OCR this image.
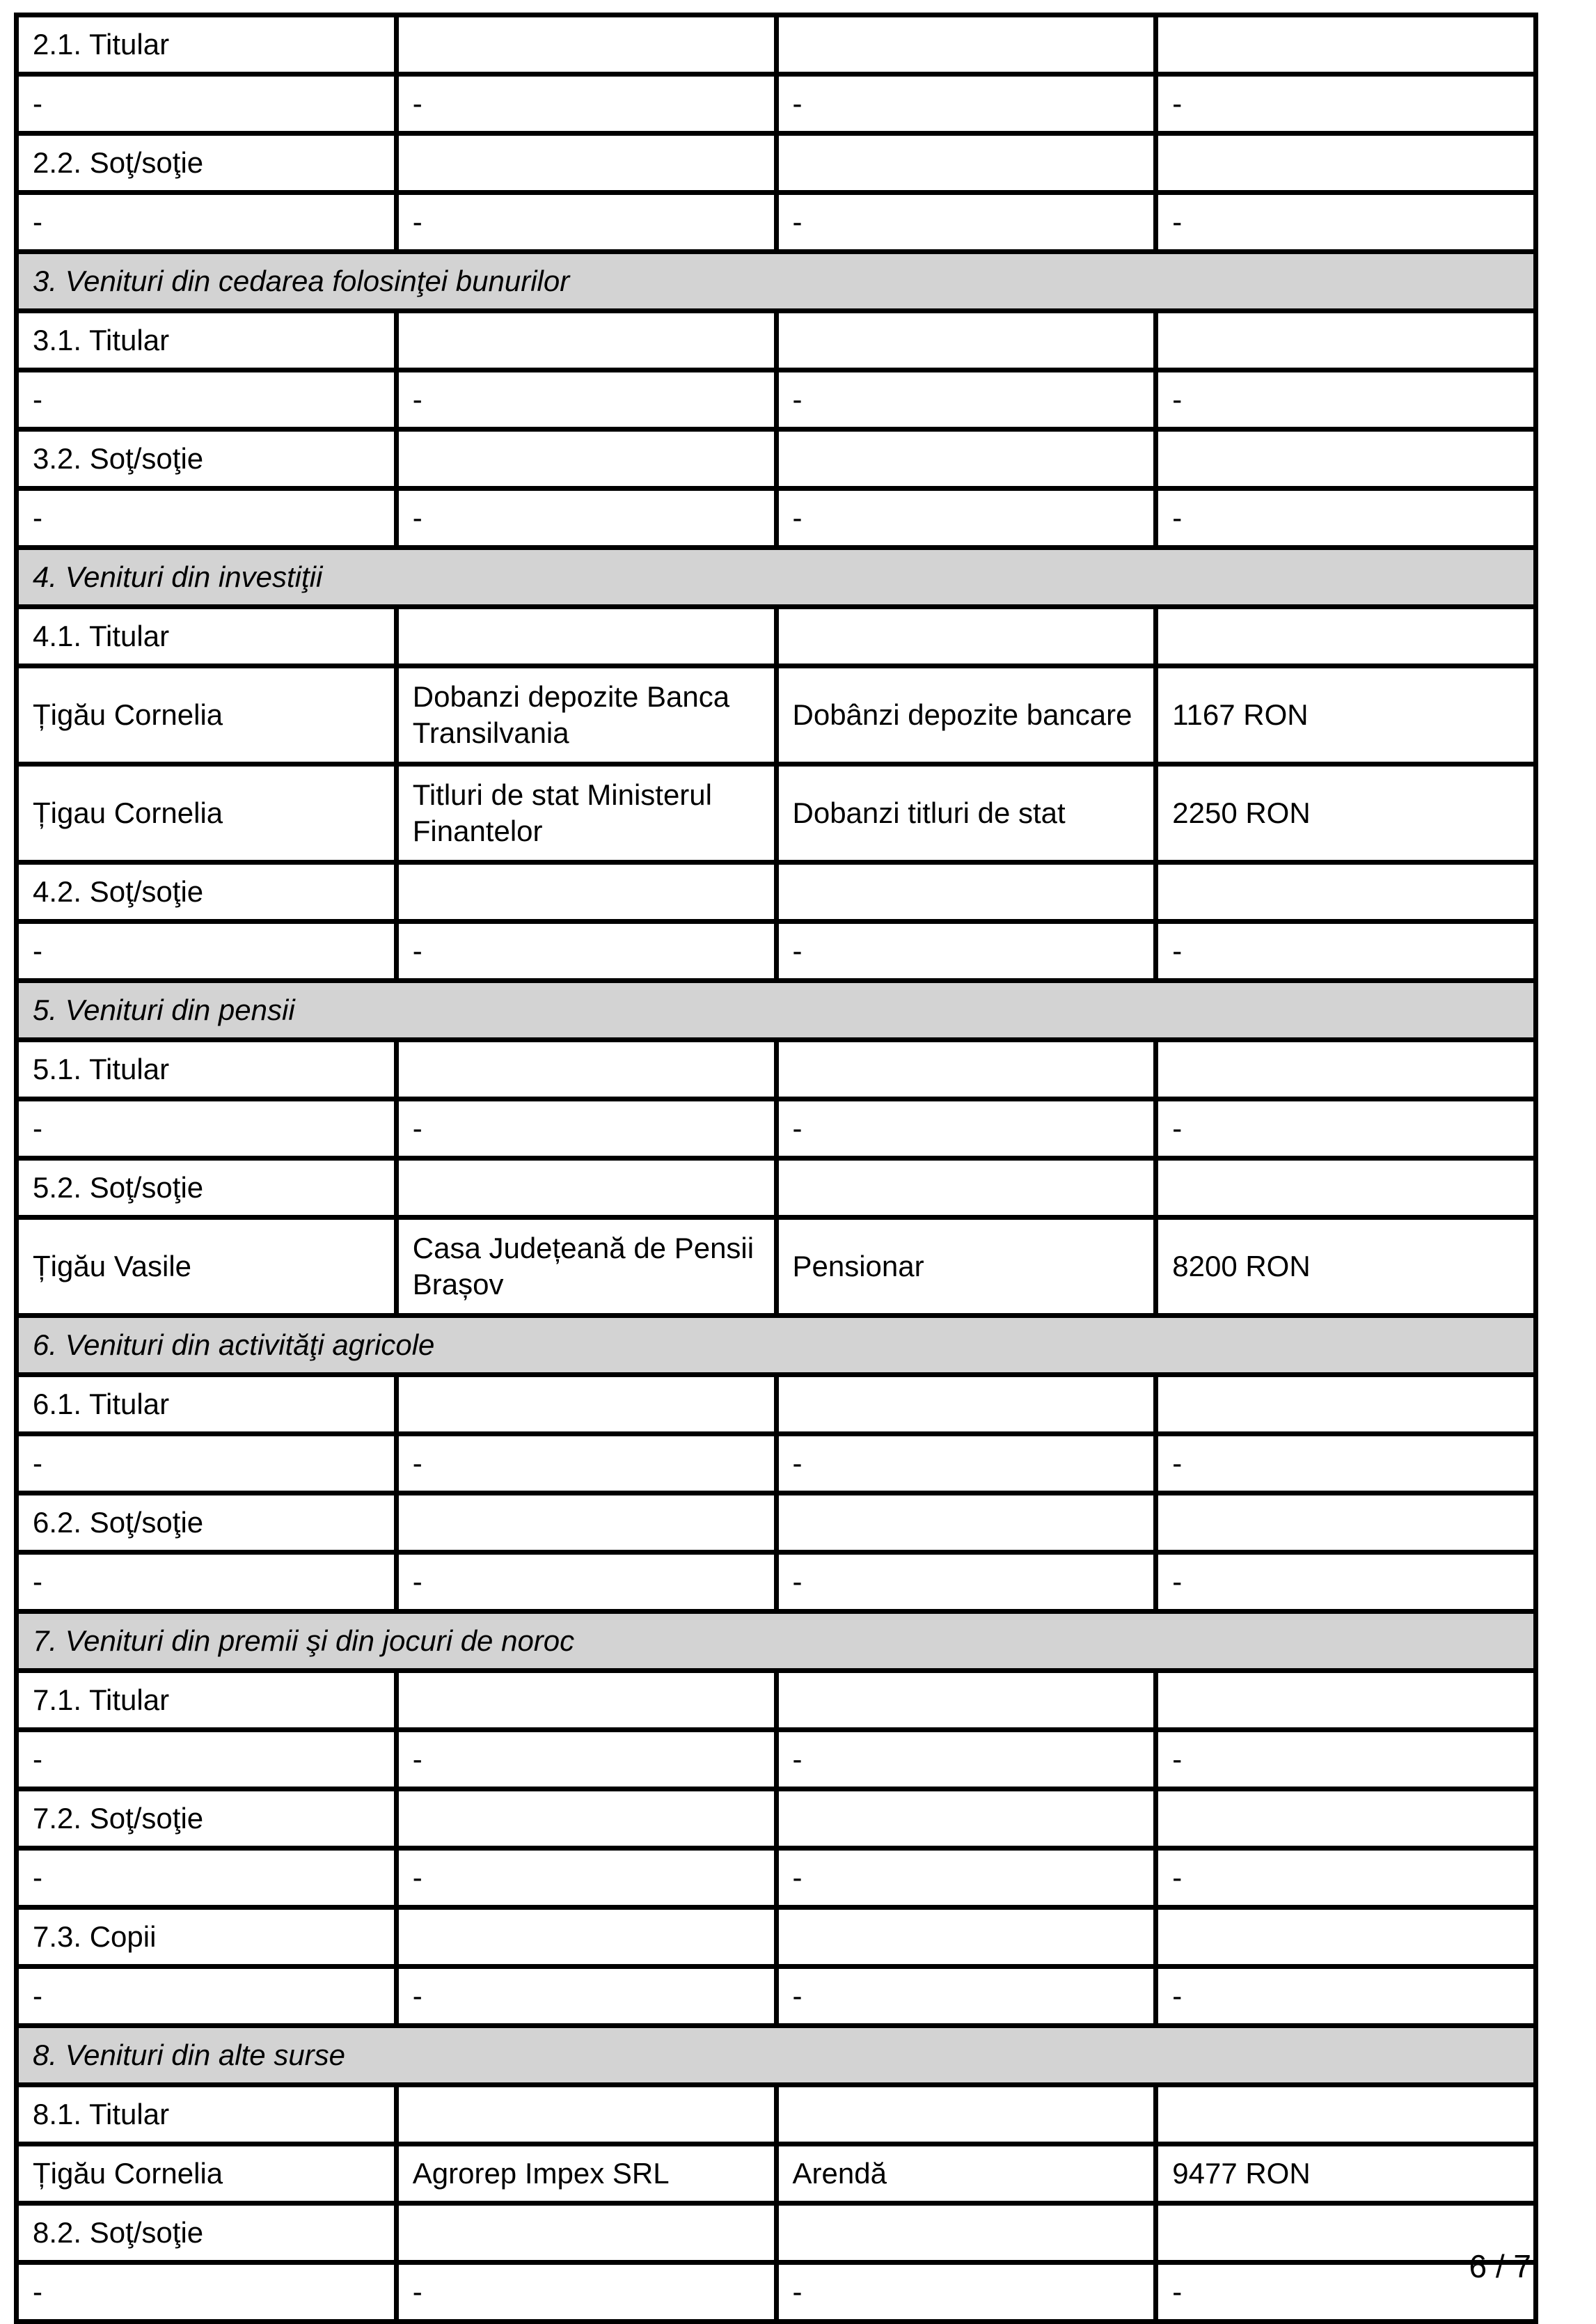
2.1. Titular			
-	-	-	-
2.2. Soţ/soţie			
-	-	-	-
3. Venituri din cedarea folosinţei bunurilor			
3.1. Titular			
-	-	-	-
3.2. Soţ/soţie			
-	-	-	-
4. Venituri din investiţii			
4.1. Titular			
Țigău Cornelia	Dobanzi depozite Banca Transilvania	Dobânzi depozite bancare	1167 RON
Țigau Cornelia	Titluri de stat Ministerul Finantelor	Dobanzi titluri de stat	2250 RON
4.2. Soţ/soţie			
-	-	-	-
5. Venituri din pensii			
5.1. Titular			
-	-	-	-
5.2. Soţ/soţie			
Țigău Vasile	Casa Județeană de Pensii Brașov	Pensionar	8200 RON
6. Venituri din activităţi agricole			
6.1. Titular			
-	-	-	-
6.2. Soţ/soţie			
-	-	-	-
7. Venituri din premii şi din jocuri de noroc			
7.1. Titular			
-	-	-	-
7.2. Soţ/soţie			
-	-	-	-
7.3. Copii			
-	-	-	-
8. Venituri din alte surse			
8.1. Titular			
Țigău Cornelia	Agrorep Impex SRL	Arendă	9477 RON
8.2. Soţ/soţie			
-	-	-	-
6 / 7
